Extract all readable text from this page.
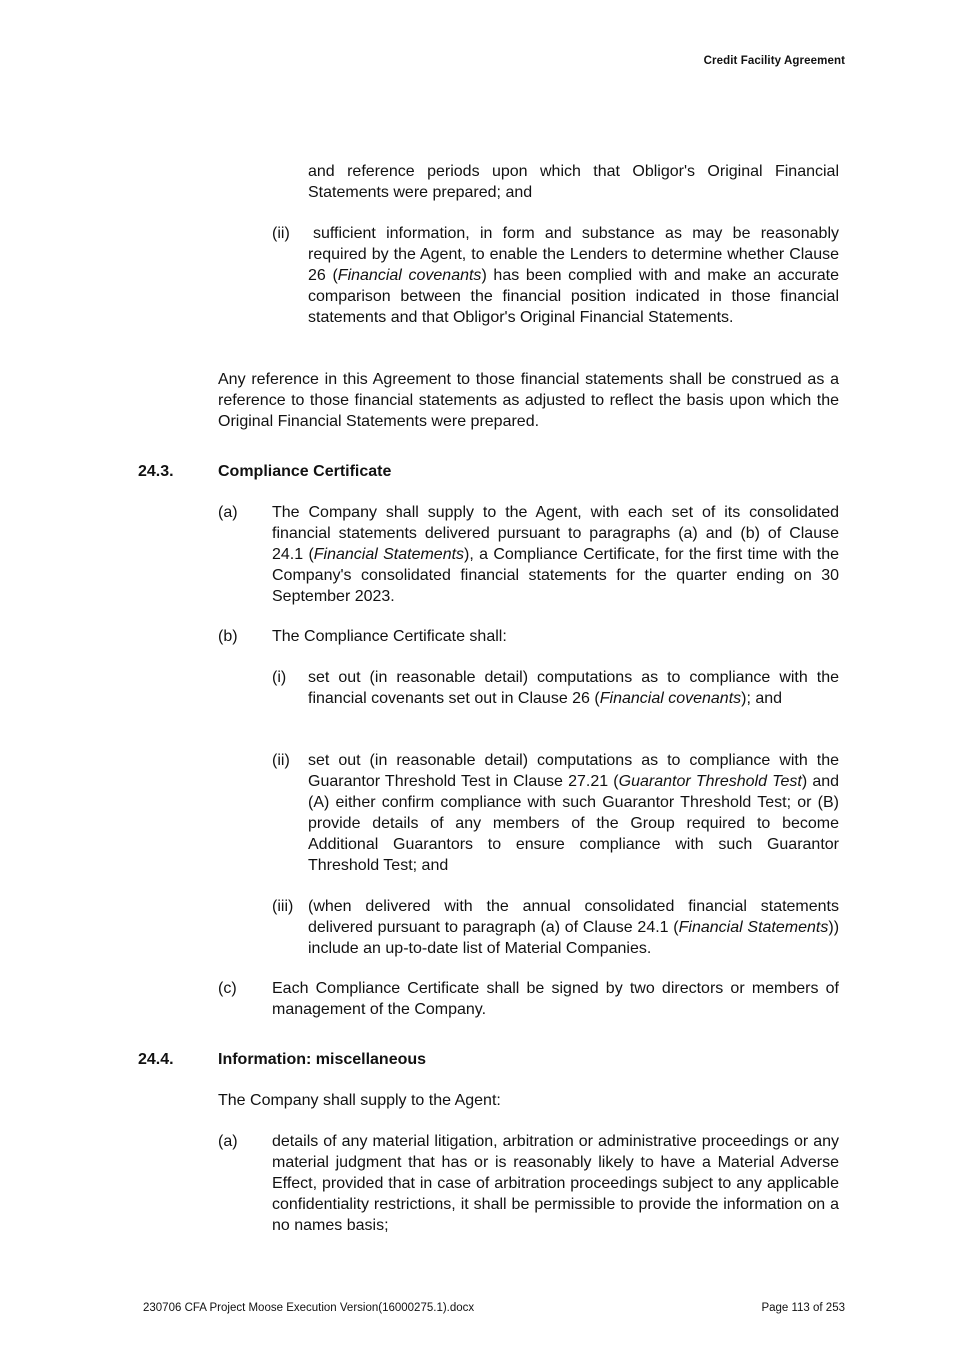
Credit Facility Agreement

and reference periods upon which that Obligor's Original Financial Statements were prepared; and

(ii)	sufficient information, in form and substance as may be reasonably required by the Agent, to enable the Lenders to determine whether Clause 26 (Financial covenants) has been complied with and make an accurate comparison between the financial position indicated in those financial statements and that Obligor's Original Financial Statements.

Any reference in this Agreement to those financial statements shall be construed as a reference to those financial statements as adjusted to reflect the basis upon which the Original Financial Statements were prepared.

24.3.	Compliance Certificate
(a) The Company shall supply to the Agent, with each set of its consolidated financial statements delivered pursuant to paragraphs (a) and (b) of Clause 24.1 (Financial Statements), a Compliance Certificate, for the first time with the Company's consolidated financial statements for the quarter ending on 30 September 2023.

(b) The Compliance Certificate shall:

(i) set out (in reasonable detail) computations as to compliance with the financial covenants set out in Clause 26 (Financial covenants); and

(ii) set out (in reasonable detail) computations as to compliance with the Guarantor Threshold Test in Clause 27.21 (Guarantor Threshold Test) and (A) either confirm compliance with such Guarantor Threshold Test; or (B) provide details of any members of the Group required to become Additional Guarantors to ensure compliance with such Guarantor Threshold Test; and

(iii) (when delivered with the annual consolidated financial statements delivered pursuant to paragraph (a) of Clause 24.1 (Financial Statements)) include an up-to-date list of Material Companies.

(c) Each Compliance Certificate shall be signed by two directors or members of management of the Company.

24.4.	Information: miscellaneous

The Company shall supply to the Agent:

(a) details of any material litigation, arbitration or administrative proceedings or any material judgment that has or is reasonably likely to have a Material Adverse Effect, provided that in case of arbitration proceedings subject to any applicable confidentiality restrictions, it shall be permissible to provide the information on a no names basis;

230706 CFA Project Moose Execution Version(16000275.1).docx	Page 113 of 253
